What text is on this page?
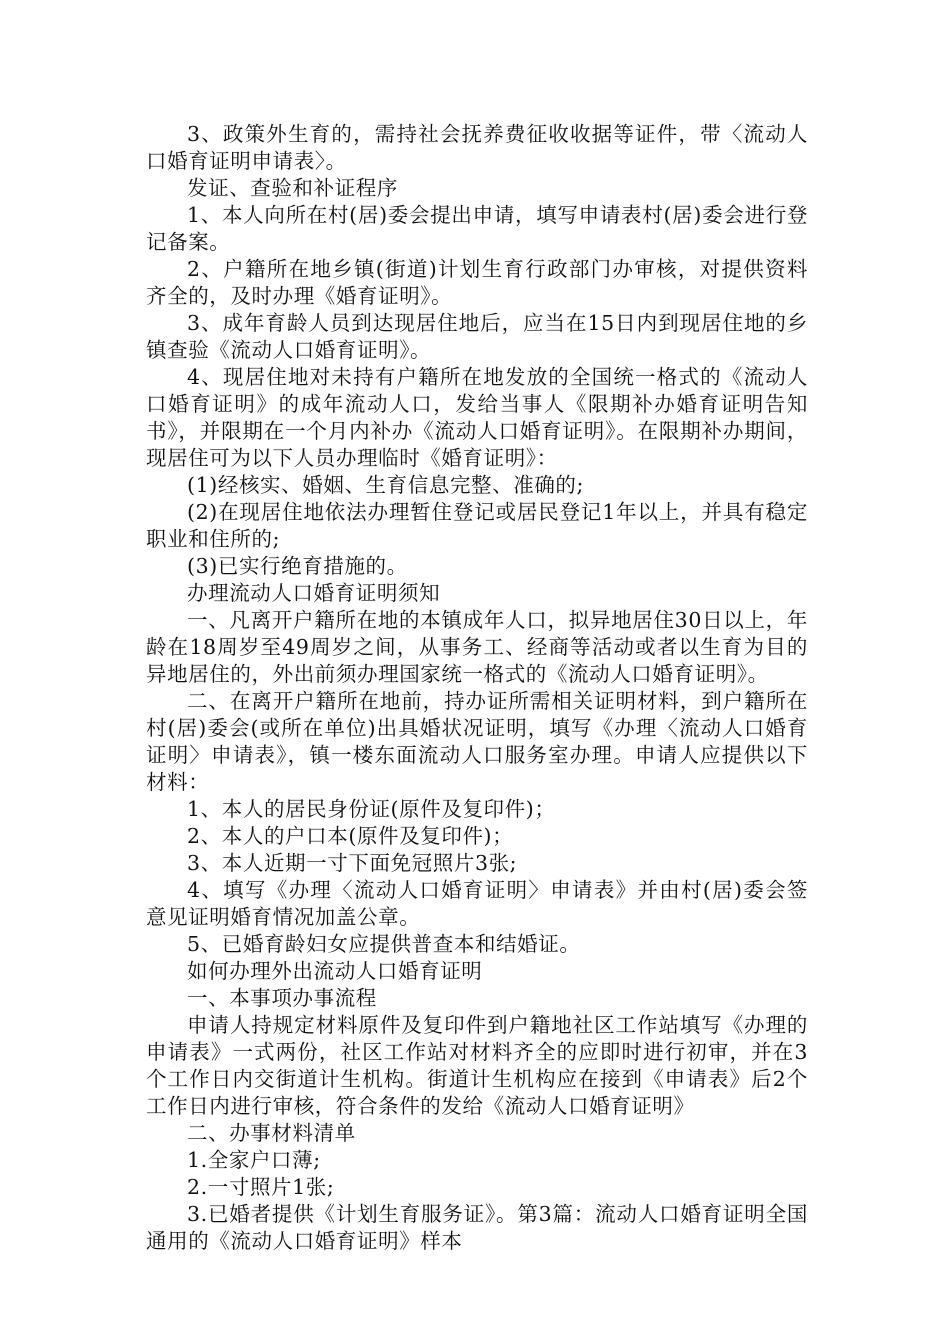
3、政策外生育的，需持社会抚养费征收收据等证件，带〈流动人口婚育证明申请表〉。

发证、查验和补证程序

1、本人向所在村(居)委会提出申请，填写申请表村(居)委会进行登记备案。

2、户籍所在地乡镇(街道)计划生育行政部门办审核，对提供资料齐全的，及时办理《婚育证明》。

3、成年育龄人员到达现居住地后，应当在15日内到现居住地的乡镇查验《流动人口婚育证明》。

4、现居住地对未持有户籍所在地发放的全国统一格式的《流动人口婚育证明》的成年流动人口，发给当事人《限期补办婚育证明告知书》，并限期在一个月内补办《流动人口婚育证明》。在限期补办期间，现居住可为以下人员办理临时《婚育证明》：

(1)经核实、婚姻、生育信息完整、准确的;

(2)在现居住地依法办理暂住登记或居民登记1年以上，并具有稳定职业和住所的;

(3)已实行绝育措施的。

办理流动人口婚育证明须知

一、凡离开户籍所在地的本镇成年人口，拟异地居住30日以上，年龄在18周岁至49周岁之间，从事务工、经商等活动或者以生育为目的异地居住的，外出前须办理国家统一格式的《流动人口婚育证明》。

二、在离开户籍所在地前，持办证所需相关证明材料，到户籍所在村(居)委会(或所在单位)出具婚状况证明，填写《办理〈流动人口婚育证明〉申请表》，镇一楼东面流动人口服务室办理。申请人应提供以下材料：

1、本人的居民身份证(原件及复印件)；

2、本人的户口本(原件及复印件)；

3、本人近期一寸下面免冠照片3张;

4、填写《办理〈流动人口婚育证明〉申请表》并由村(居)委会签意见证明婚育情况加盖公章。

5、已婚育龄妇女应提供普查本和结婚证。

如何办理外出流动人口婚育证明

一、本事项办事流程

申请人持规定材料原件及复印件到户籍地社区工作站填写《办理的申请表》一式两份，社区工作站对材料齐全的应即时进行初审，并在3个工作日内交街道计生机构。街道计生机构应在接到《申请表》后2个工作日内进行审核，符合条件的发给《流动人口婚育证明》

二、办事材料清单

1.全家户口薄;

2.一寸照片1张;

3.已婚者提供《计划生育服务证》。第3篇：流动人口婚育证明全国通用的《流动人口婚育证明》样本
